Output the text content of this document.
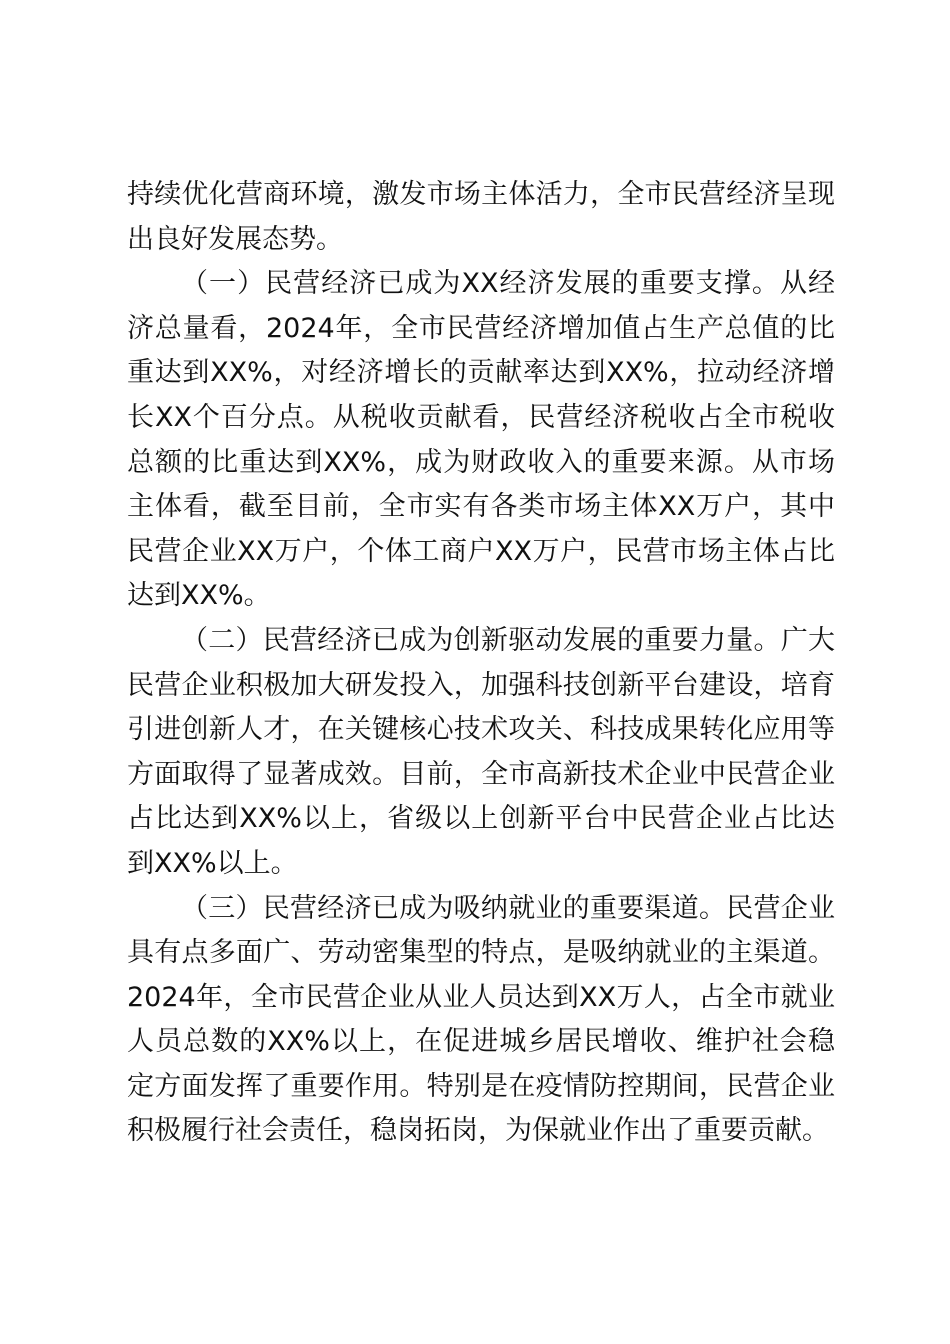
持续优化营商环境，激发市场主体活力，全市民营经济呈现出良好发展态势。

（一）民营经济已成为XX经济发展的重要支撑。从经济总量看，2024年，全市民营经济增加值占生产总值的比重达到XX%，对经济增长的贡献率达到XX%，拉动经济增长XX个百分点。从税收贡献看，民营经济税收占全市税收总额的比重达到XX%，成为财政收入的重要来源。从市场主体看，截至目前，全市实有各类市场主体XX万户，其中民营企业XX万户，个体工商户XX万户，民营市场主体占比达到XX%。

（二）民营经济已成为创新驱动发展的重要力量。广大民营企业积极加大研发投入，加强科技创新平台建设，培育引进创新人才，在关键核心技术攻关、科技成果转化应用等方面取得了显著成效。目前，全市高新技术企业中民营企业占比达到XX%以上，省级以上创新平台中民营企业占比达到XX%以上。

（三）民营经济已成为吸纳就业的重要渠道。民营企业具有点多面广、劳动密集型的特点，是吸纳就业的主渠道。2024年，全市民营企业从业人员达到XX万人，占全市就业人员总数的XX%以上，在促进城乡居民增收、维护社会稳定方面发挥了重要作用。特别是在疫情防控期间，民营企业积极履行社会责任，稳岗拓岗，为保就业作出了重要贡献。
